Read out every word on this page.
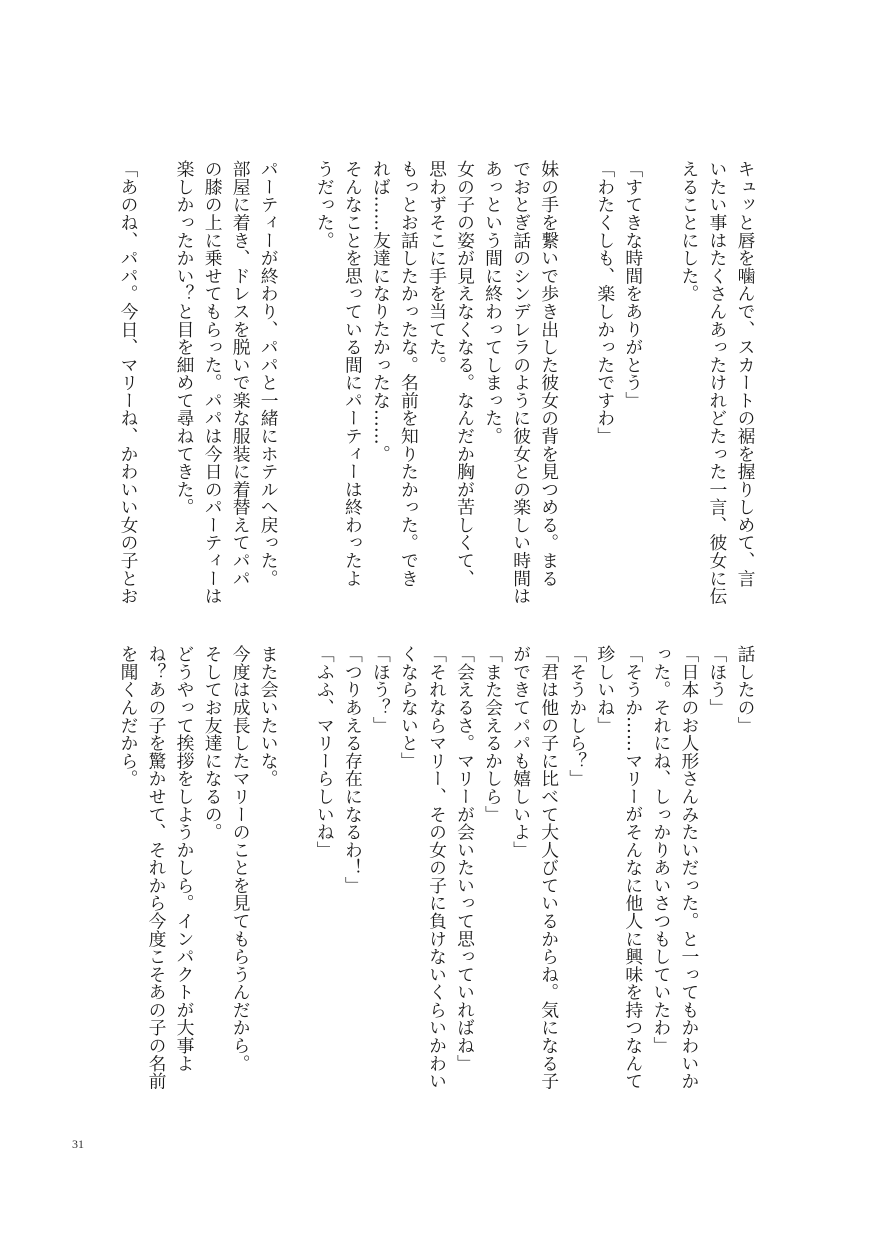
キュッと唇を噛んで、スカートの裾を握りしめて、言
いたい事はたくさんあったけれどたった一言、彼女に伝
えることにした。
「すてきな時間をありがとう」
「わたくしも、楽しかったですわ」
妹の手を繋いで歩き出した彼女の背を見つめる。まる
でおとぎ話のシンデレラのように彼女との楽しい時間は
あっという間に終わってしまった。
女の子の姿が見えなくなる。なんだか胸が苦しくて、
思わずそこに手を当てた。
もっとお話したかったな。名前を知りたかった。でき
れば……友達になりたかったな……。
そんなことを思っている間にパーティーは終わったよ
うだった。
パーティーが終わり、パパと一緒にホテルへ戻った。
部屋に着き、ドレスを脱いで楽な服装に着替えてパパ
の膝の上に乗せてもらった。パパは今日のパーティーは
楽しかったかい？と目を細めて尋ねてきた。
「あのね、パパ。今日、マリーね、かわいい女の子とお
話したの」
「ほう」
「日本のお人形さんみたいだった。と一ってもかわいか
った。それにね、しっかりあいさつもしていたわ」
「そうか……マリーがそんなに他人に興味を持つなんて
珍しいね」
「そうかしら？」
「君は他の子に比べて大人びているからね。気になる子
ができてパパも嬉しいよ」
「また会えるかしら」
「会えるさ。マリーが会いたいって思っていればね」
「それならマリー、その女の子に負けないくらいかわい
くならないと」
「ほう？」
「つりあえる存在になるわ！」
「ふふ、マリーらしいね」
また会いたいな。
今度は成長したマリーのことを見てもらうんだから。
そしてお友達になるの。
どうやって挨拶をしようかしら。インパクトが大事よ
ね？あの子を驚かせて、それから今度こそあの子の名前
を聞くんだから。
31
